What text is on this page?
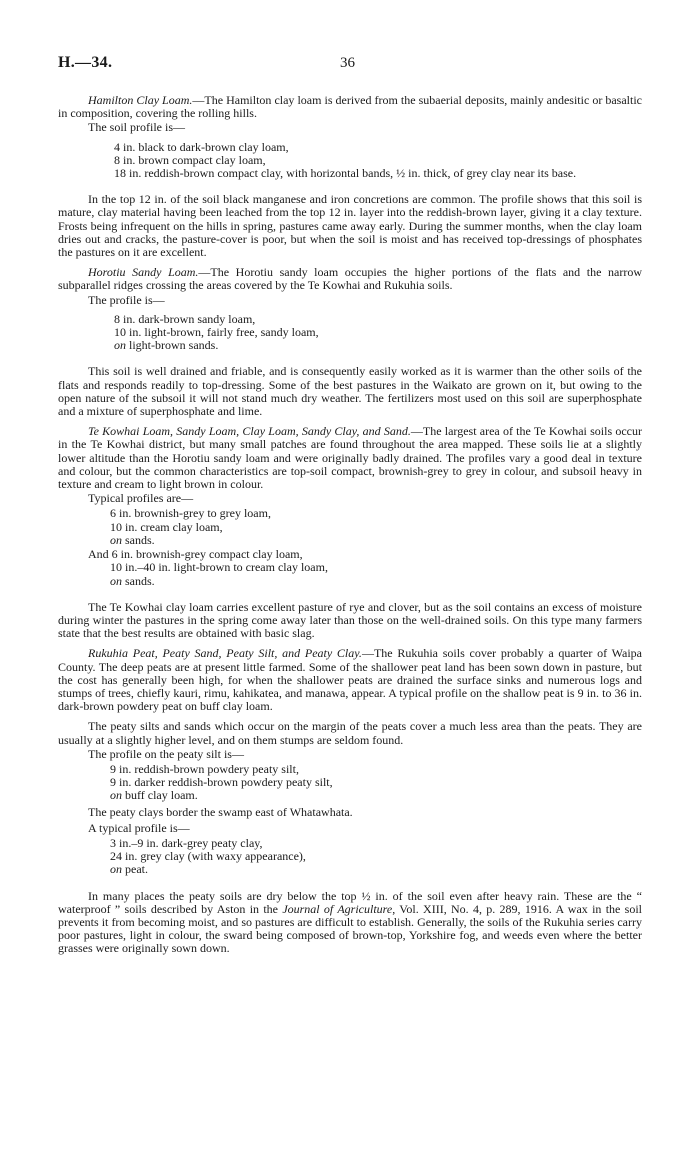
H.—34.	36

Hamilton Clay Loam.—The Hamilton clay loam is derived from the subaerial deposits, mainly andesitic or basaltic in composition, covering the rolling hills.

The soil profile is—
4 in. black to dark-brown clay loam,
8 in. brown compact clay loam,
18 in. reddish-brown compact clay, with horizontal bands, ½ in. thick, of grey clay near its base.

In the top 12 in. of the soil black manganese and iron concretions are common. The profile shows that this soil is mature, clay material having been leached from the top 12 in. layer into the reddish-brown layer, giving it a clay texture. Frosts being infrequent on the hills in spring, pastures came away early. During the summer months, when the clay loam dries out and cracks, the pasture-cover is poor, but when the soil is moist and has received top-dressings of phosphates the pastures on it are excellent.

Horotiu Sandy Loam.—The Horotiu sandy loam occupies the higher portions of the flats and the narrow subparallel ridges crossing the areas covered by the Te Kowhai and Rukuhia soils.

The profile is—
8 in. dark-brown sandy loam,
10 in. light-brown, fairly free, sandy loam,
on light-brown sands.

This soil is well drained and friable, and is consequently easily worked as it is warmer than the other soils of the flats and responds readily to top-dressing. Some of the best pastures in the Waikato are grown on it, but owing to the open nature of the subsoil it will not stand much dry weather. The fertilizers most used on this soil are superphosphate and a mixture of superphosphate and lime.

Te Kowhai Loam, Sandy Loam, Clay Loam, Sandy Clay, and Sand.—The largest area of the Te Kowhai soils occur in the Te Kowhai district, but many small patches are found throughout the area mapped. These soils lie at a slightly lower altitude than the Horotiu sandy loam and were originally badly drained. The profiles vary a good deal in texture and colour, but the common characteristics are top-soil compact, brownish-grey to grey in colour, and subsoil heavy in texture and cream to light brown in colour.

Typical profiles are—
6 in. brownish-grey to grey loam,
10 in. cream clay loam,
on sands.
And 6 in. brownish-grey compact clay loam,
10 in.–40 in. light-brown to cream clay loam,
on sands.

The Te Kowhai clay loam carries excellent pasture of rye and clover, but as the soil contains an excess of moisture during winter the pastures in the spring come away later than those on the well-drained soils. On this type many farmers state that the best results are obtained with basic slag.

Rukuhia Peat, Peaty Sand, Peaty Silt, and Peaty Clay.—The Rukuhia soils cover probably a quarter of Waipa County. The deep peats are at present little farmed. Some of the shallower peat land has been sown down in pasture, but the cost has generally been high, for when the shallower peats are drained the surface sinks and numerous logs and stumps of trees, chiefly kauri, rimu, kahikatea, and manawa, appear. A typical profile on the shallow peat is 9 in. to 36 in. dark-brown powdery peat on buff clay loam.

The peaty silts and sands which occur on the margin of the peats cover a much less area than the peats. They are usually at a slightly higher level, and on them stumps are seldom found.

The profile on the peaty silt is—
9 in. reddish-brown powdery peaty silt,
9 in. darker reddish-brown powdery peaty silt,
on buff clay loam.
The peaty clays border the swamp east of Whatawhata.
A typical profile is—
3 in.–9 in. dark-grey peaty clay,
24 in. grey clay (with waxy appearance),
on peat.

In many places the peaty soils are dry below the top ½ in. of the soil even after heavy rain. These are the “ waterproof ” soils described by Aston in the Journal of Agriculture, Vol. XIII, No. 4, p. 289, 1916. A wax in the soil prevents it from becoming moist, and so pastures are difficult to establish. Generally, the soils of the Rukuhia series carry poor pastures, light in colour, the sward being composed of brown-top, Yorkshire fog, and weeds even where the better grasses were originally sown down.
